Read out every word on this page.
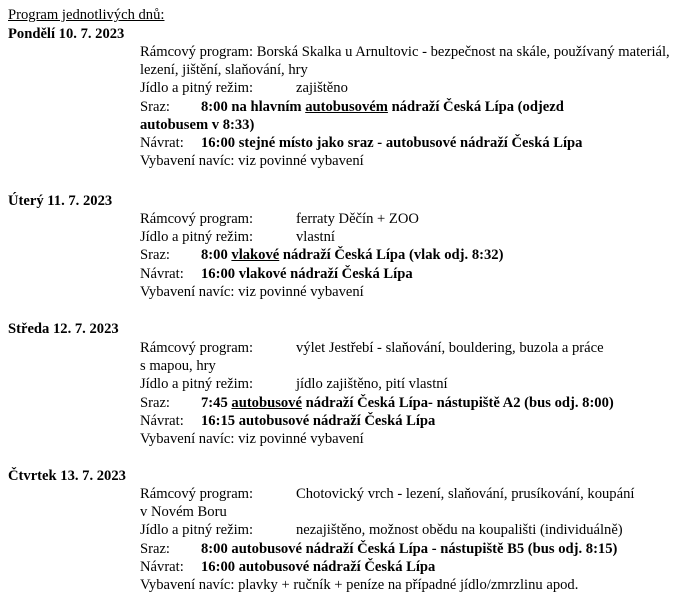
Program jednotlivých dnů:
Pondělí 10. 7. 2023
Rámcový program: Borská Skalka u Arnultovic - bezpečnost na skále, používaný materiál, lezení, jištění, slaňování, hry
Jídlo a pitný režim:	zajištěno
Sraz: 8:00 na hlavním autobusovém nádraží Česká Lípa (odjezd
autobusem v 8:33)
Návrat: 16:00 stejné místo jako sraz - autobusové nádraží Česká Lípa
Vybavení navíc: viz povinné vybavení
Úterý 11. 7. 2023
Rámcový program:	ferraty Děčín + ZOO
Jídlo a pitný režim:	vlastní
Sraz: 8:00 vlakové nádraží Česká Lípa (vlak odj. 8:32)
Návrat: 16:00 vlakové nádraží Česká Lípa
Vybavení navíc: viz povinné vybavení
Středa 12. 7. 2023
Rámcový program:	výlet Jestřebí - slaňování, bouldering, buzola a práce
s mapou, hry
Jídlo a pitný režim:	jídlo zajištěno, pití vlastní
Sraz: 7:45 autobusové nádraží Česká Lípa- nástupiště A2 (bus odj. 8:00)
Návrat: 16:15 autobusové nádraží Česká Lípa
Vybavení navíc: viz povinné vybavení
Čtvrtek 13. 7. 2023
Rámcový program:	Chotovický vrch - lezení, slaňování, prusíkování, koupání
v Novém Boru
Jídlo a pitný režim:	nezajištěno, možnost obědu na koupališti (individuálně)
Sraz: 8:00 autobusové nádraží Česká Lípa - nástupiště B5 (bus odj. 8:15)
Návrat: 16:00 autobusové nádraží Česká Lípa
Vybavení navíc: plavky + ručník + peníze na případné jídlo/zmrzlinu apod.
